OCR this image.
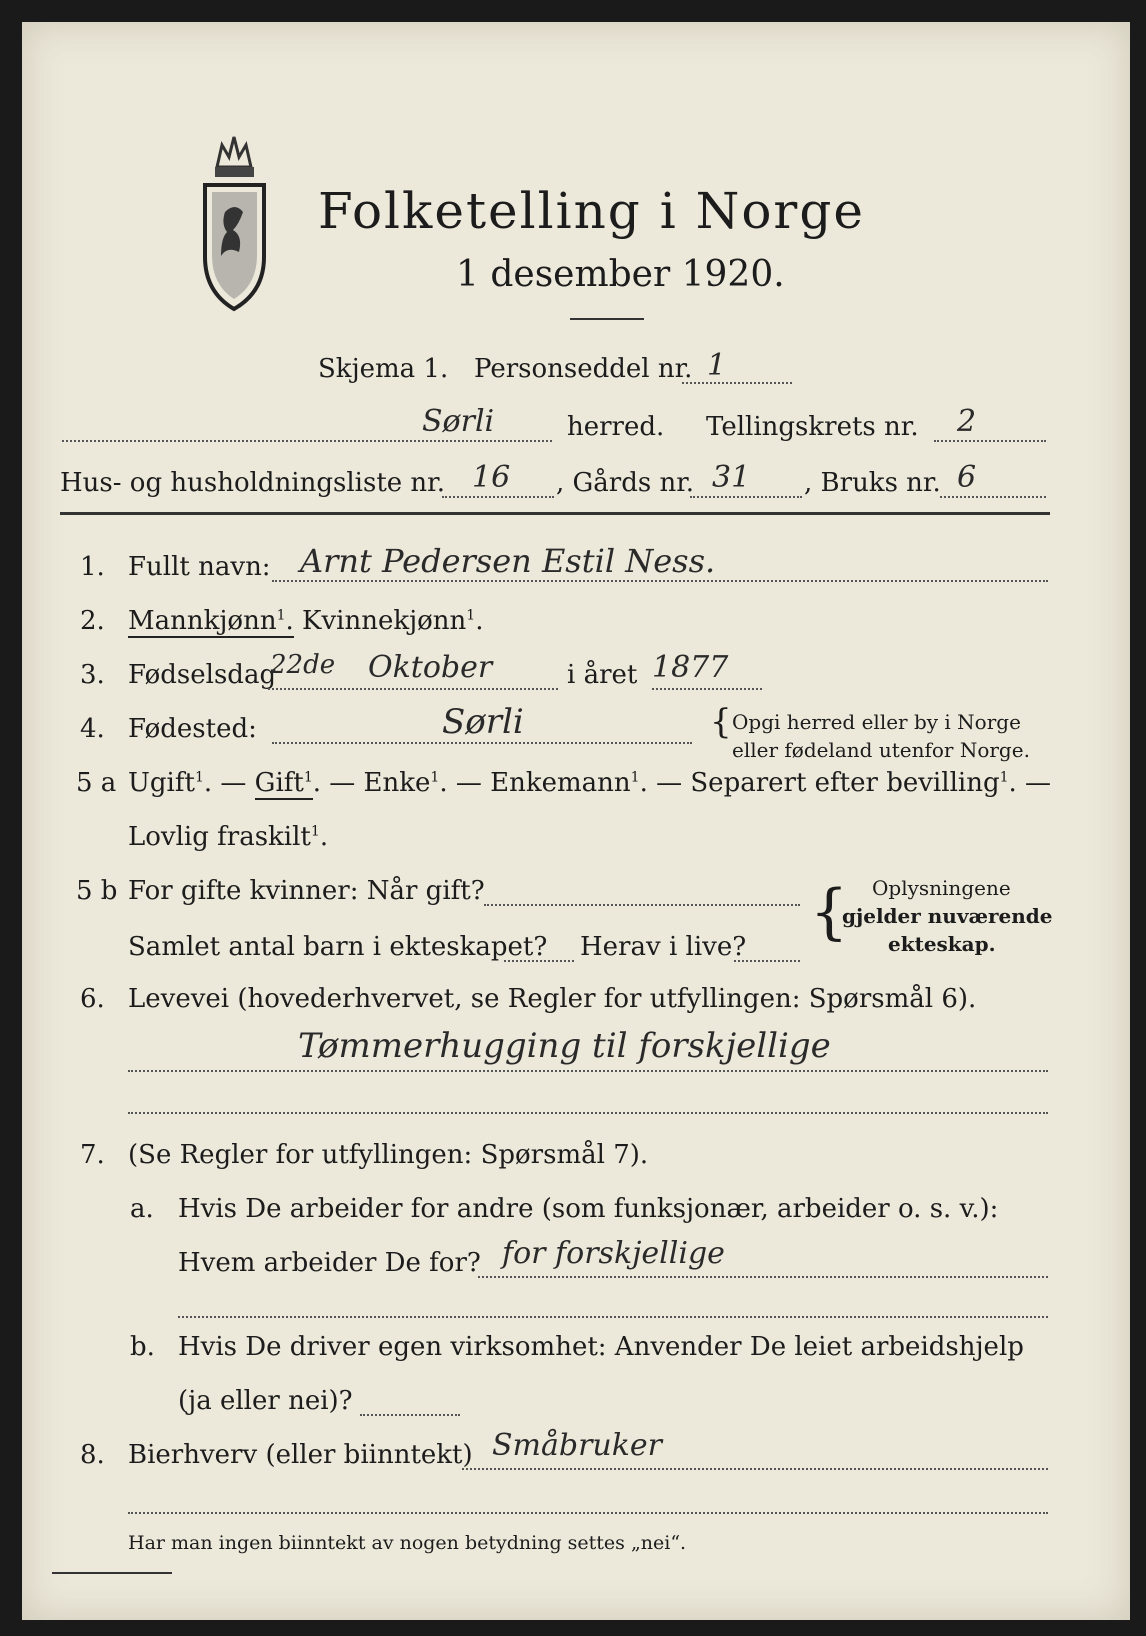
Folketelling i Norge
1 desember 1920.
Skjema 1. Personseddel nr. 1
Sørli	herred. Tellingskrets nr. 2
Hus- og husholdningsliste nr. 16 , Gårds nr. 31 , Bruks nr. 6
1. Fullt navn: Arnt Pedersen Estil Ness.
2. Mannkjønn$^1$. Kvinnekjønn$^1$.
3. Fødselsdag
22de Oktober	i året 1877
4. Fødested:	Sørli	{ Opgi herred eller by i Norge
eller fødeland utenfor Norge.
5 a Ugift$^1$. — Gift$^1$. — Enke$^1$. — Enkemann$^1$. — Separert efter bevilling$^1$. —
Lovlig fraskilt$^1$.
5 b For gifte kvinner: Når gift?
Samlet antal barn i ekteskapet? Herav i live? { Oplysningene
gjelder nuværende
ekteskap.
6. Levevei (hovederhvervet, se Regler for utfyllingen: Spørsmål 6).
Tømmerhugging til forskjellige
7. (Se Regler for utfyllingen: Spørsmål 7).
a. Hvis De arbeider for andre (som funksjonær, arbeider o. s. v.):
Hvem arbeider De for? for forskjellige
b. Hvis De driver egen virksomhet: Anvender De leiet arbeidshjelp
(ja eller nei)?
8. Bierhverv (eller biinntekt) Småbruker
Har man ingen biinntekt av nogen betydning settes „nei“.
